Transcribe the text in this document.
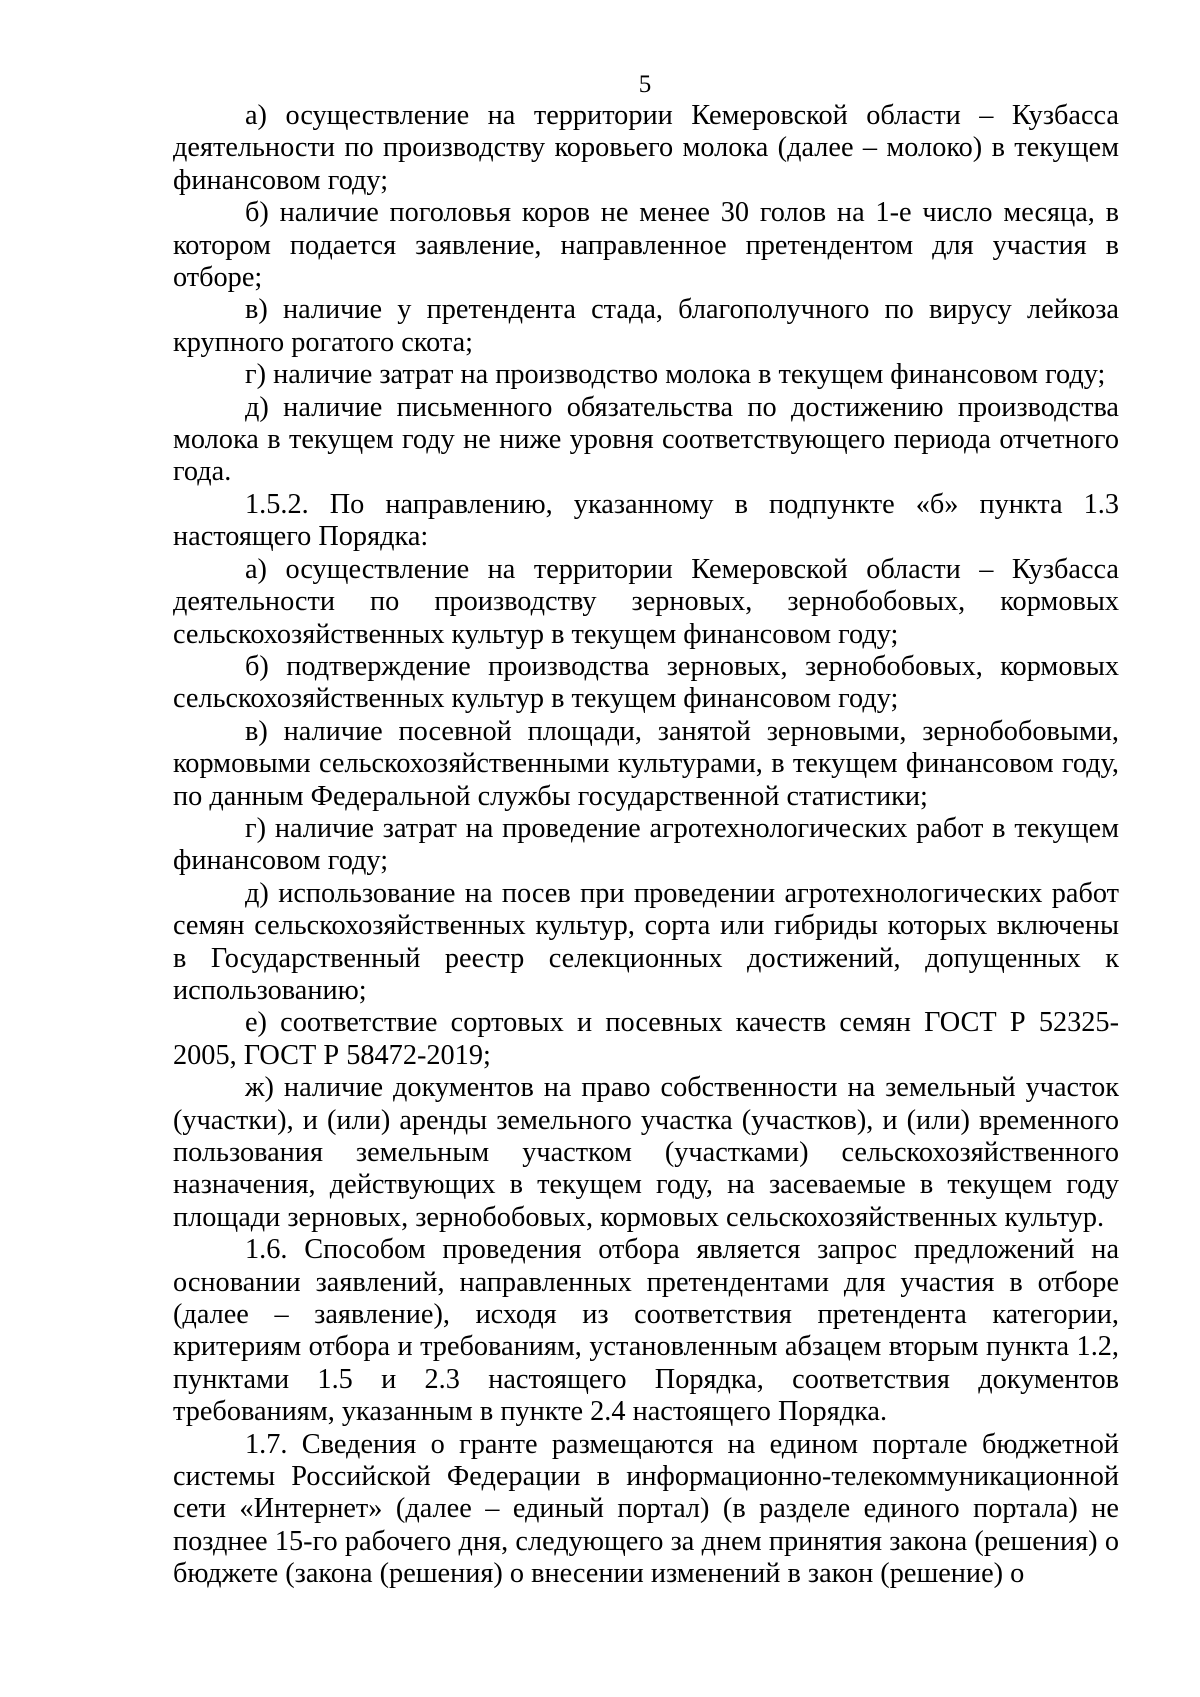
5

а) осуществление на территории Кемеровской области – Кузбасса деятельности по производству коровьего молока (далее – молоко) в текущем финансовом году;

б) наличие поголовья коров не менее 30 голов на 1-е число месяца, в котором подается заявление, направленное претендентом для участия в отборе;

в) наличие у претендента стада, благополучного по вирусу лейкоза крупного рогатого скота;

г) наличие затрат на производство молока в текущем финансовом году;

д) наличие письменного обязательства по достижению производства молока в текущем году не ниже уровня соответствующего периода отчетного года.

1.5.2. По направлению, указанному в подпункте «б» пункта 1.3 настоящего Порядка:

а) осуществление на территории Кемеровской области – Кузбасса деятельности по производству зерновых, зернобобовых, кормовых сельскохозяйственных культур в текущем финансовом году;

б) подтверждение производства зерновых, зернобобовых, кормовых сельскохозяйственных культур в текущем финансовом году;

в) наличие посевной площади, занятой зерновыми, зернобобовыми, кормовыми сельскохозяйственными культурами, в текущем финансовом году, по данным Федеральной службы государственной статистики;

г) наличие затрат на проведение агротехнологических работ в текущем финансовом году;

д) использование на посев при проведении агротехнологических работ семян сельскохозяйственных культур, сорта или гибриды которых включены в Государственный реестр селекционных достижений, допущенных к использованию;

е) соответствие сортовых и посевных качеств семян ГОСТ Р 52325-2005, ГОСТ Р 58472-2019;

ж) наличие документов на право собственности на земельный участок (участки), и (или) аренды земельного участка (участков), и (или) временного пользования земельным участком (участками) сельскохозяйственного назначения, действующих в текущем году, на засеваемые в текущем году площади зерновых, зернобобовых, кормовых сельскохозяйственных культур.

1.6. Способом проведения отбора является запрос предложений на основании заявлений, направленных претендентами для участия в отборе (далее – заявление), исходя из соответствия претендента категории, критериям отбора и требованиям, установленным абзацем вторым пункта 1.2, пунктами 1.5 и 2.3 настоящего Порядка, соответствия документов требованиям, указанным в пункте 2.4 настоящего Порядка.

1.7. Сведения о гранте размещаются на едином портале бюджетной системы Российской Федерации в информационно-телекоммуникационной сети «Интернет» (далее – единый портал) (в разделе единого портала) не позднее 15-го рабочего дня, следующего за днем принятия закона (решения) о бюджете (закона (решения) о внесении изменений в закон (решение) о
